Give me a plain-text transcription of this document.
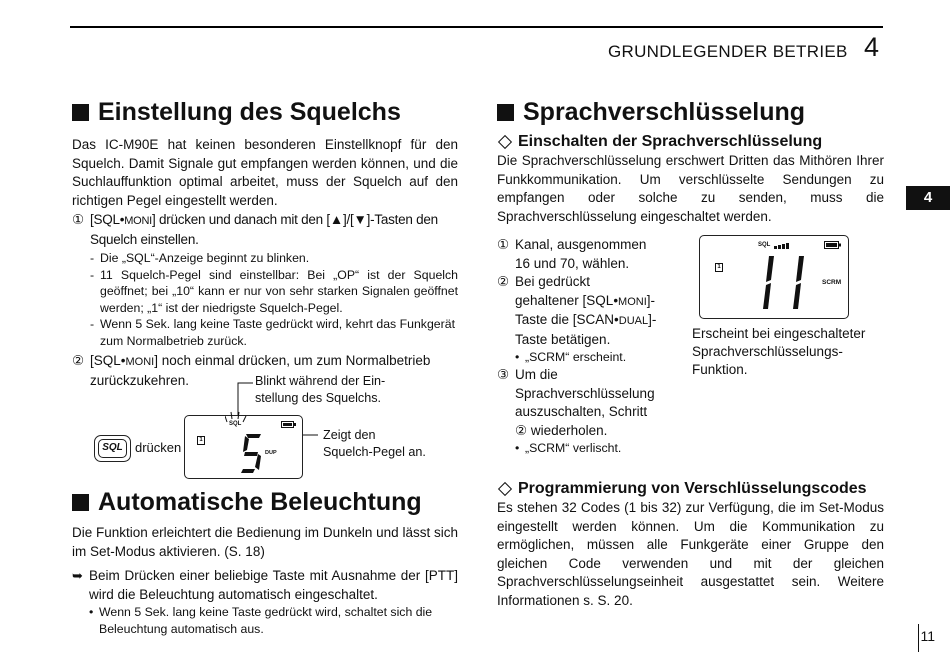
GRUNDLEGENDER BETRIEB 4
4
Einstellung des Squelchs
Das IC-M90E hat keinen besonderen Einstellknopf für den Squelch. Damit Signale gut empfangen werden können, und die Suchlauffunktion optimal arbeitet, muss der Squelch auf den richtigen Pegel eingestellt werden.
① [SQL•MONI] drücken und danach mit den [▲]/[▼]-Tasten den Squelch einstellen.
- Die „SQL“-Anzeige beginnt zu blinken.
- 11 Squelch-Pegel sind einstellbar: Bei „OP“ ist der Squelch geöffnet; bei „10“ kann er nur von sehr starken Signalen geöffnet werden; „1“ ist der niedrigste Squelch-Pegel.
- Wenn 5 Sek. lang keine Taste gedrückt wird, kehrt das Funkgerät zum Normalbetrieb zurück.
② [SQL•MONI] noch einmal drücken, um zum Normalbetrieb zurückzukehren.	Blinkt während der Ein-
stellung des Squelchs.
Zeigt den
Squelch-Pegel an.
SQL drücken
SQL
1
DUP
Automatische Beleuchtung
Die Funktion erleichtert die Bedienung im Dunkeln und lässt sich im Set-Modus aktivieren. (S. 18)
➥ Beim Drücken einer beliebige Taste mit Ausnahme der [PTT] wird die Beleuchtung automatisch eingeschaltet.
• Wenn 5 Sek. lang keine Taste gedrückt wird, schaltet sich die Beleuchtung automatisch aus.
Sprachverschlüsselung
Einschalten der Sprachverschlüsselung
Die Sprachverschlüsselung erschwert Dritten das Mithören Ihrer Funkkommunikation. Um verschlüsselte Sendungen zu empfangen oder solche zu senden, muss die Sprachverschlüsselung eingeschaltet werden.
① Kanal, ausgenommen 16 und 70, wählen.
② Bei gedrückt gehaltener [SQL•MONI]-Taste die [SCAN•DUAL]-Taste betätigen.
• „SCRM“ erscheint.
③ Um die Sprachverschlüsselung auszuschalten, Schritt ② wiederholen.
• „SCRM“ verlischt.
Programmierung von Verschlüsselungscodes
Es stehen 32 Codes (1 bis 32) zur Verfügung, die im Set-Modus eingestellt werden können. Um die Kommunikation zu ermöglichen, müssen alle Funkgeräte einer Gruppe den gleichen Code verwenden und mit der gleichen Sprachverschlüsselungseinheit ausgestattet sein. Weitere Informationen s. S. 20.
SQL
1
SCRM
Erscheint bei eingeschalteter Sprachverschlüsselungs-Funktion.
11
